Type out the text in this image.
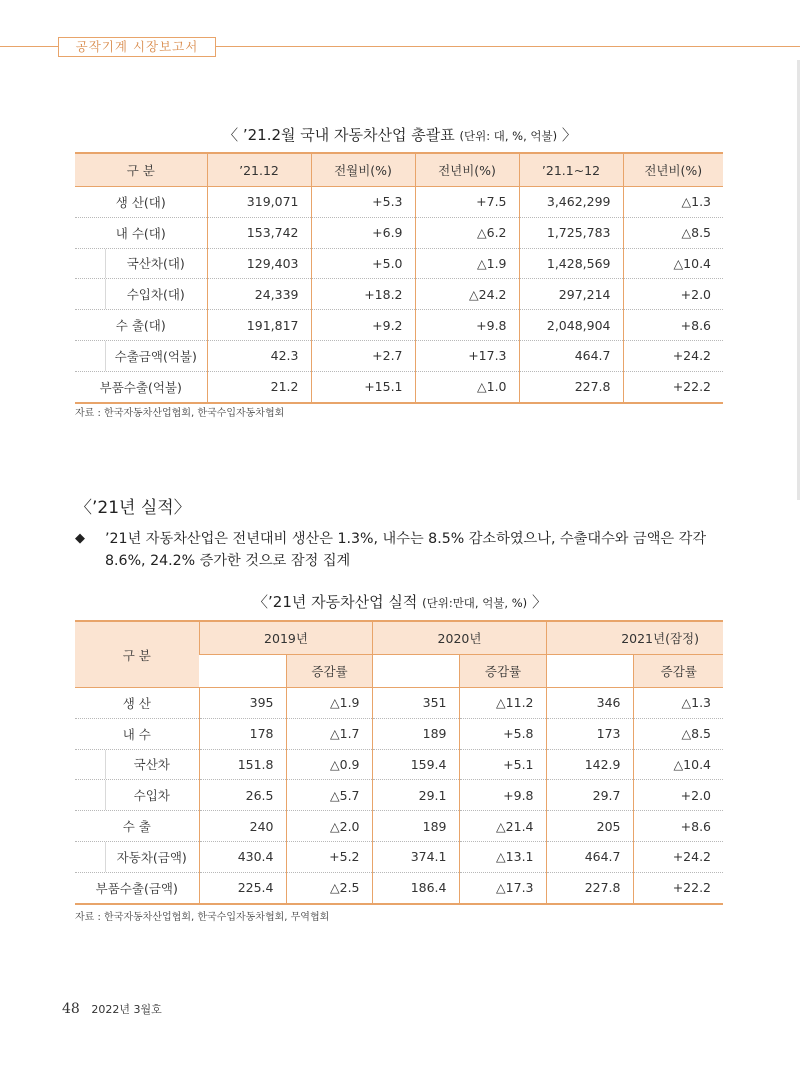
공작기계 시장보고서
〈 ’21.2월 국내 자동차산업 총괄표 (단위: 대, %, 억불) 〉
구 분	’21.12	전월비(%)	전년비(%)	’21.1~12	전년비(%)
생 산(대)	319,071	+5.3	+7.5	3,462,299	△1.3
내 수(대)	153,742	+6.9	△6.2	1,725,783	△8.5
국산차(대)	129,403	+5.0	△1.9	1,428,569	△10.4
수입차(대)	24,339	+18.2	△24.2	297,214	+2.0
수 출(대)	191,817	+9.2	+9.8	2,048,904	+8.6
수출금액(억불)	42.3	+2.7	+17.3	464.7	+24.2
부품수출(억불)	21.2	+15.1	△1.0	227.8	+22.2
자료 : 한국자동차산업협회, 한국수입자동차협회
〈’21년 실적〉
◆	’21년 자동차산업은 전년대비 생산은 1.3%, 내수는 8.5% 감소하였으나, 수출대수와 금액은 각각 8.6%, 24.2% 증가한 것으로 잠정 집계
〈’21년 자동차산업 실적 (단위:만대, 억불, %) 〉
구 분	2019년		2020년		2021년(잠정)	
		증감률		증감률		증감률
생 산	395	△1.9	351	△11.2	346	△1.3
내 수	178	△1.7	189	+5.8	173	△8.5
국산차	151.8	△0.9	159.4	+5.1	142.9	△10.4
수입차	26.5	△5.7	29.1	+9.8	29.7	+2.0
수 출	240	△2.0	189	△21.4	205	+8.6
자동차(금액)	430.4	+5.2	374.1	△13.1	464.7	+24.2
부품수출(금액)	225.4	△2.5	186.4	△17.3	227.8	+22.2
자료 : 한국자동차산업협회, 한국수입자동차협회, 무역협회
48 2022년 3월호
